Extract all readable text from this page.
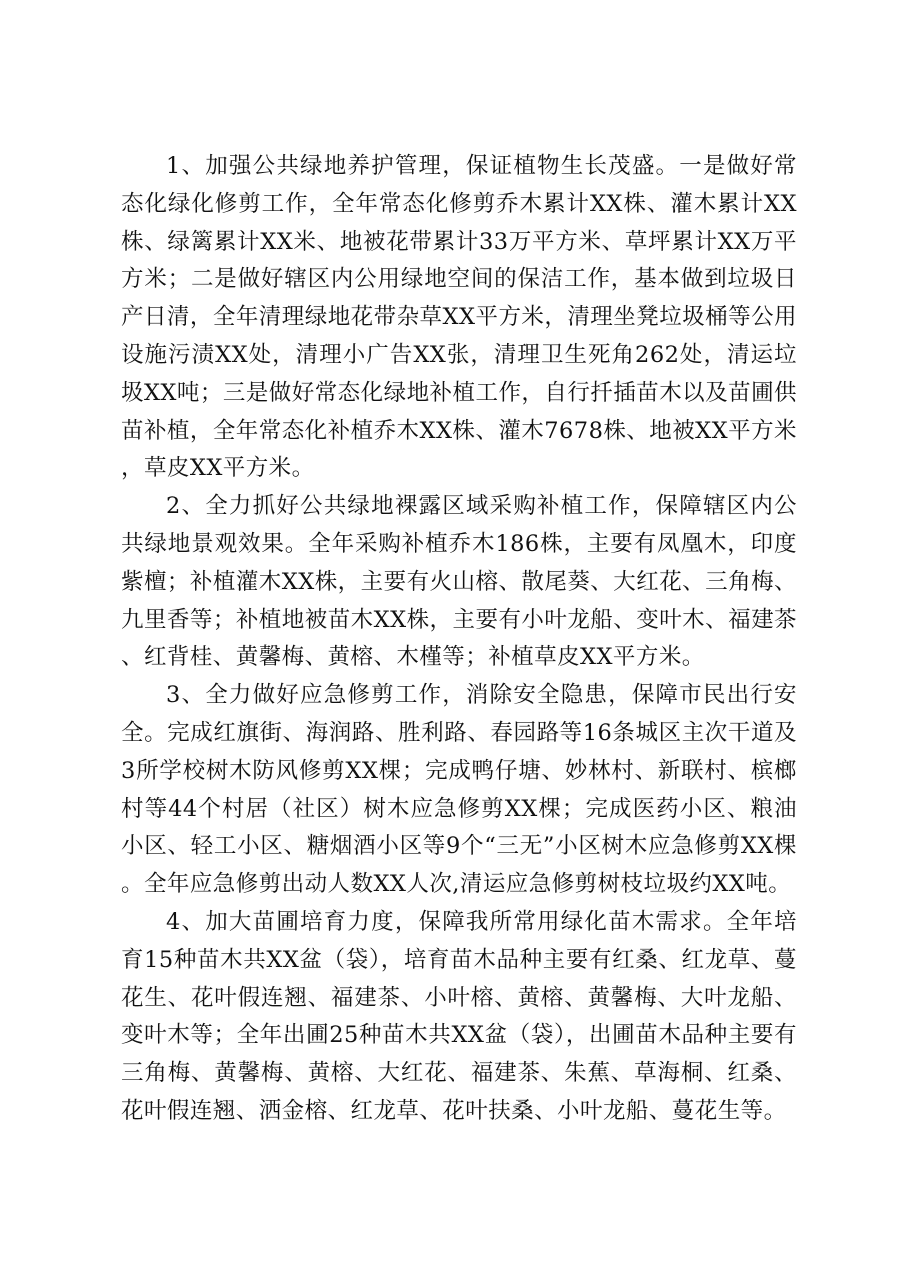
1、加强公共绿地养护管理，保证植物生长茂盛。一是做好常态化绿化修剪工作，全年常态化修剪乔木累计XX株、灌木累计XX株、绿篱累计XX米、地被花带累计33万平方米、草坪累计XX万平方米；二是做好辖区内公用绿地空间的保洁工作，基本做到垃圾日产日清，全年清理绿地花带杂草XX平方米，清理坐凳垃圾桶等公用设施污渍XX处，清理小广告XX张，清理卫生死角262处，清运垃圾XX吨；三是做好常态化绿地补植工作，自行扦插苗木以及苗圃供苗补植，全年常态化补植乔木XX株、灌木7678株、地被XX平方米，草皮XX平方米。

2、全力抓好公共绿地裸露区域采购补植工作，保障辖区内公共绿地景观效果。全年采购补植乔木186株，主要有凤凰木，印度紫檀；补植灌木XX株，主要有火山榕、散尾葵、大红花、三角梅、九里香等；补植地被苗木XX株，主要有小叶龙船、变叶木、福建茶、红背桂、黄馨梅、黄榕、木槿等；补植草皮XX平方米。

3、全力做好应急修剪工作，消除安全隐患，保障市民出行安全。完成红旗街、海润路、胜利路、春园路等16条城区主次干道及3所学校树木防风修剪XX棵；完成鸭仔塘、妙林村、新联村、槟榔村等44个村居（社区）树木应急修剪XX棵；完成医药小区、粮油小区、轻工小区、糖烟酒小区等9个“三无”小区树木应急修剪XX棵。全年应急修剪出动人数XX人次,清运应急修剪树枝垃圾约XX吨。

4、加大苗圃培育力度，保障我所常用绿化苗木需求。全年培育15种苗木共XX盆（袋），培育苗木品种主要有红桑、红龙草、蔓花生、花叶假连翘、福建茶、小叶榕、黄榕、黄馨梅、大叶龙船、变叶木等；全年出圃25种苗木共XX盆（袋），出圃苗木品种主要有三角梅、黄馨梅、黄榕、大红花、福建茶、朱蕉、草海桐、红桑、花叶假连翘、洒金榕、红龙草、花叶扶桑、小叶龙船、蔓花生等。
